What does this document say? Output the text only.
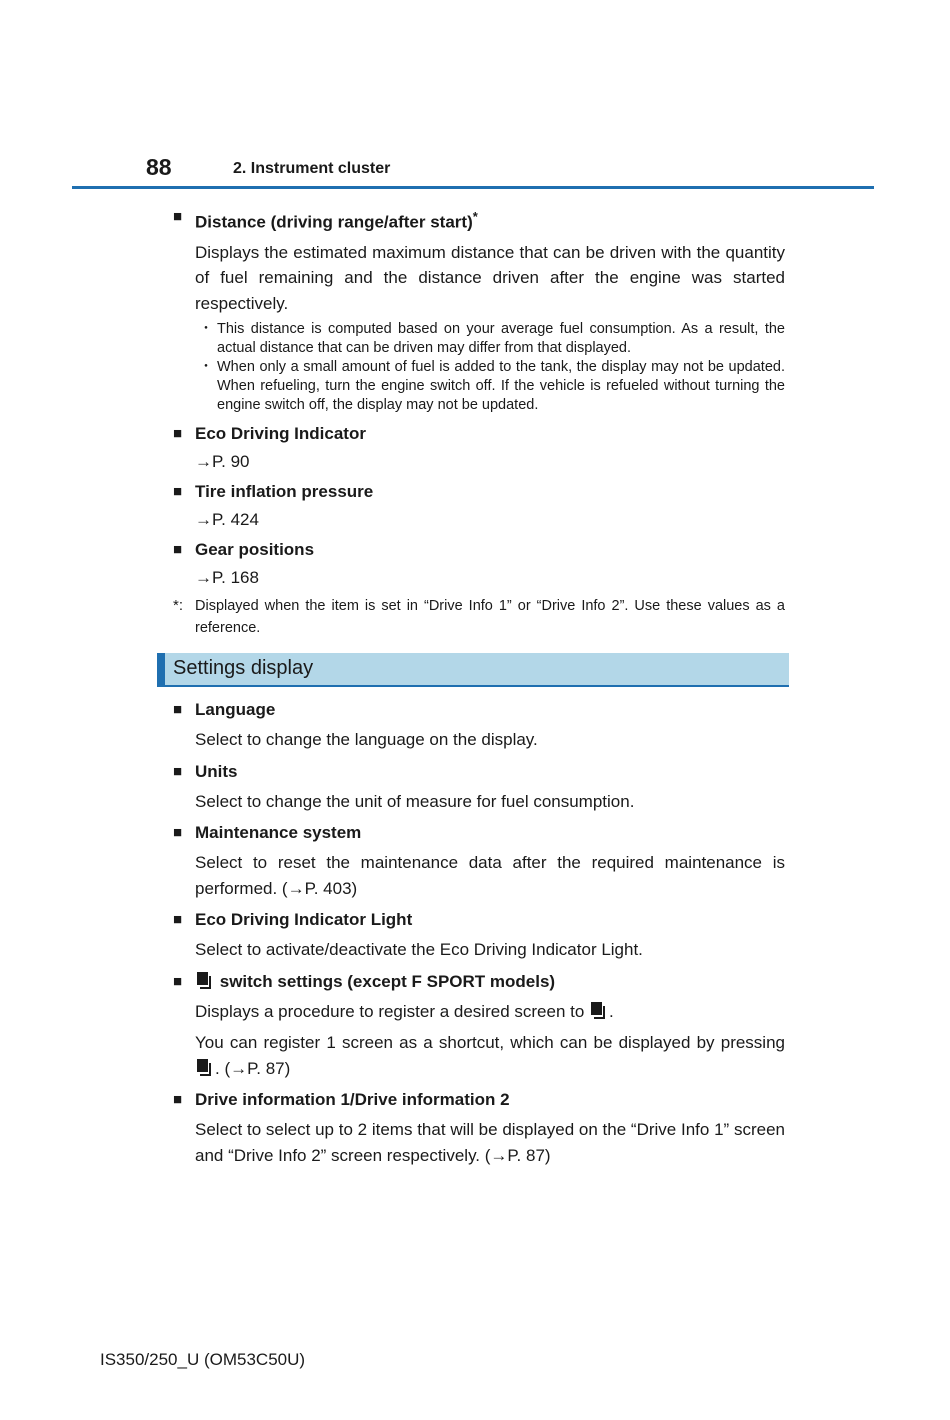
88	2. Instrument cluster
■ Distance (driving range/after start)*
Displays the estimated maximum distance that can be driven with the quantity of fuel remaining and the distance driven after the engine was started respectively.
・ This distance is computed based on your average fuel consumption. As a result, the actual distance that can be driven may differ from that displayed.
・ When only a small amount of fuel is added to the tank, the display may not be updated. When refueling, turn the engine switch off. If the vehicle is refueled without turning the engine switch off, the display may not be updated.
■ Eco Driving Indicator
→P. 90
■ Tire inflation pressure
→P. 424
■ Gear positions
→P. 168
*: Displayed when the item is set in “Drive Info 1” or “Drive Info 2”. Use these values as a reference.
Settings display
■ Language
Select to change the language on the display.
■ Units
Select to change the unit of measure for fuel consumption.
■ Maintenance system
Select to reset the maintenance data after the required maintenance is performed. (→P. 403)
■ Eco Driving Indicator Light
Select to activate/deactivate the Eco Driving Indicator Light.
■	switch settings (except F SPORT models)
Displays a procedure to register a desired screen to .
You can register 1 screen as a shortcut, which can be displayed by pressing
. (→P. 87)
■ Drive information 1/Drive information 2
Select to select up to 2 items that will be displayed on the “Drive Info 1” screen and “Drive Info 2” screen respectively. (→P. 87)
IS350/250_U (OM53C50U)
